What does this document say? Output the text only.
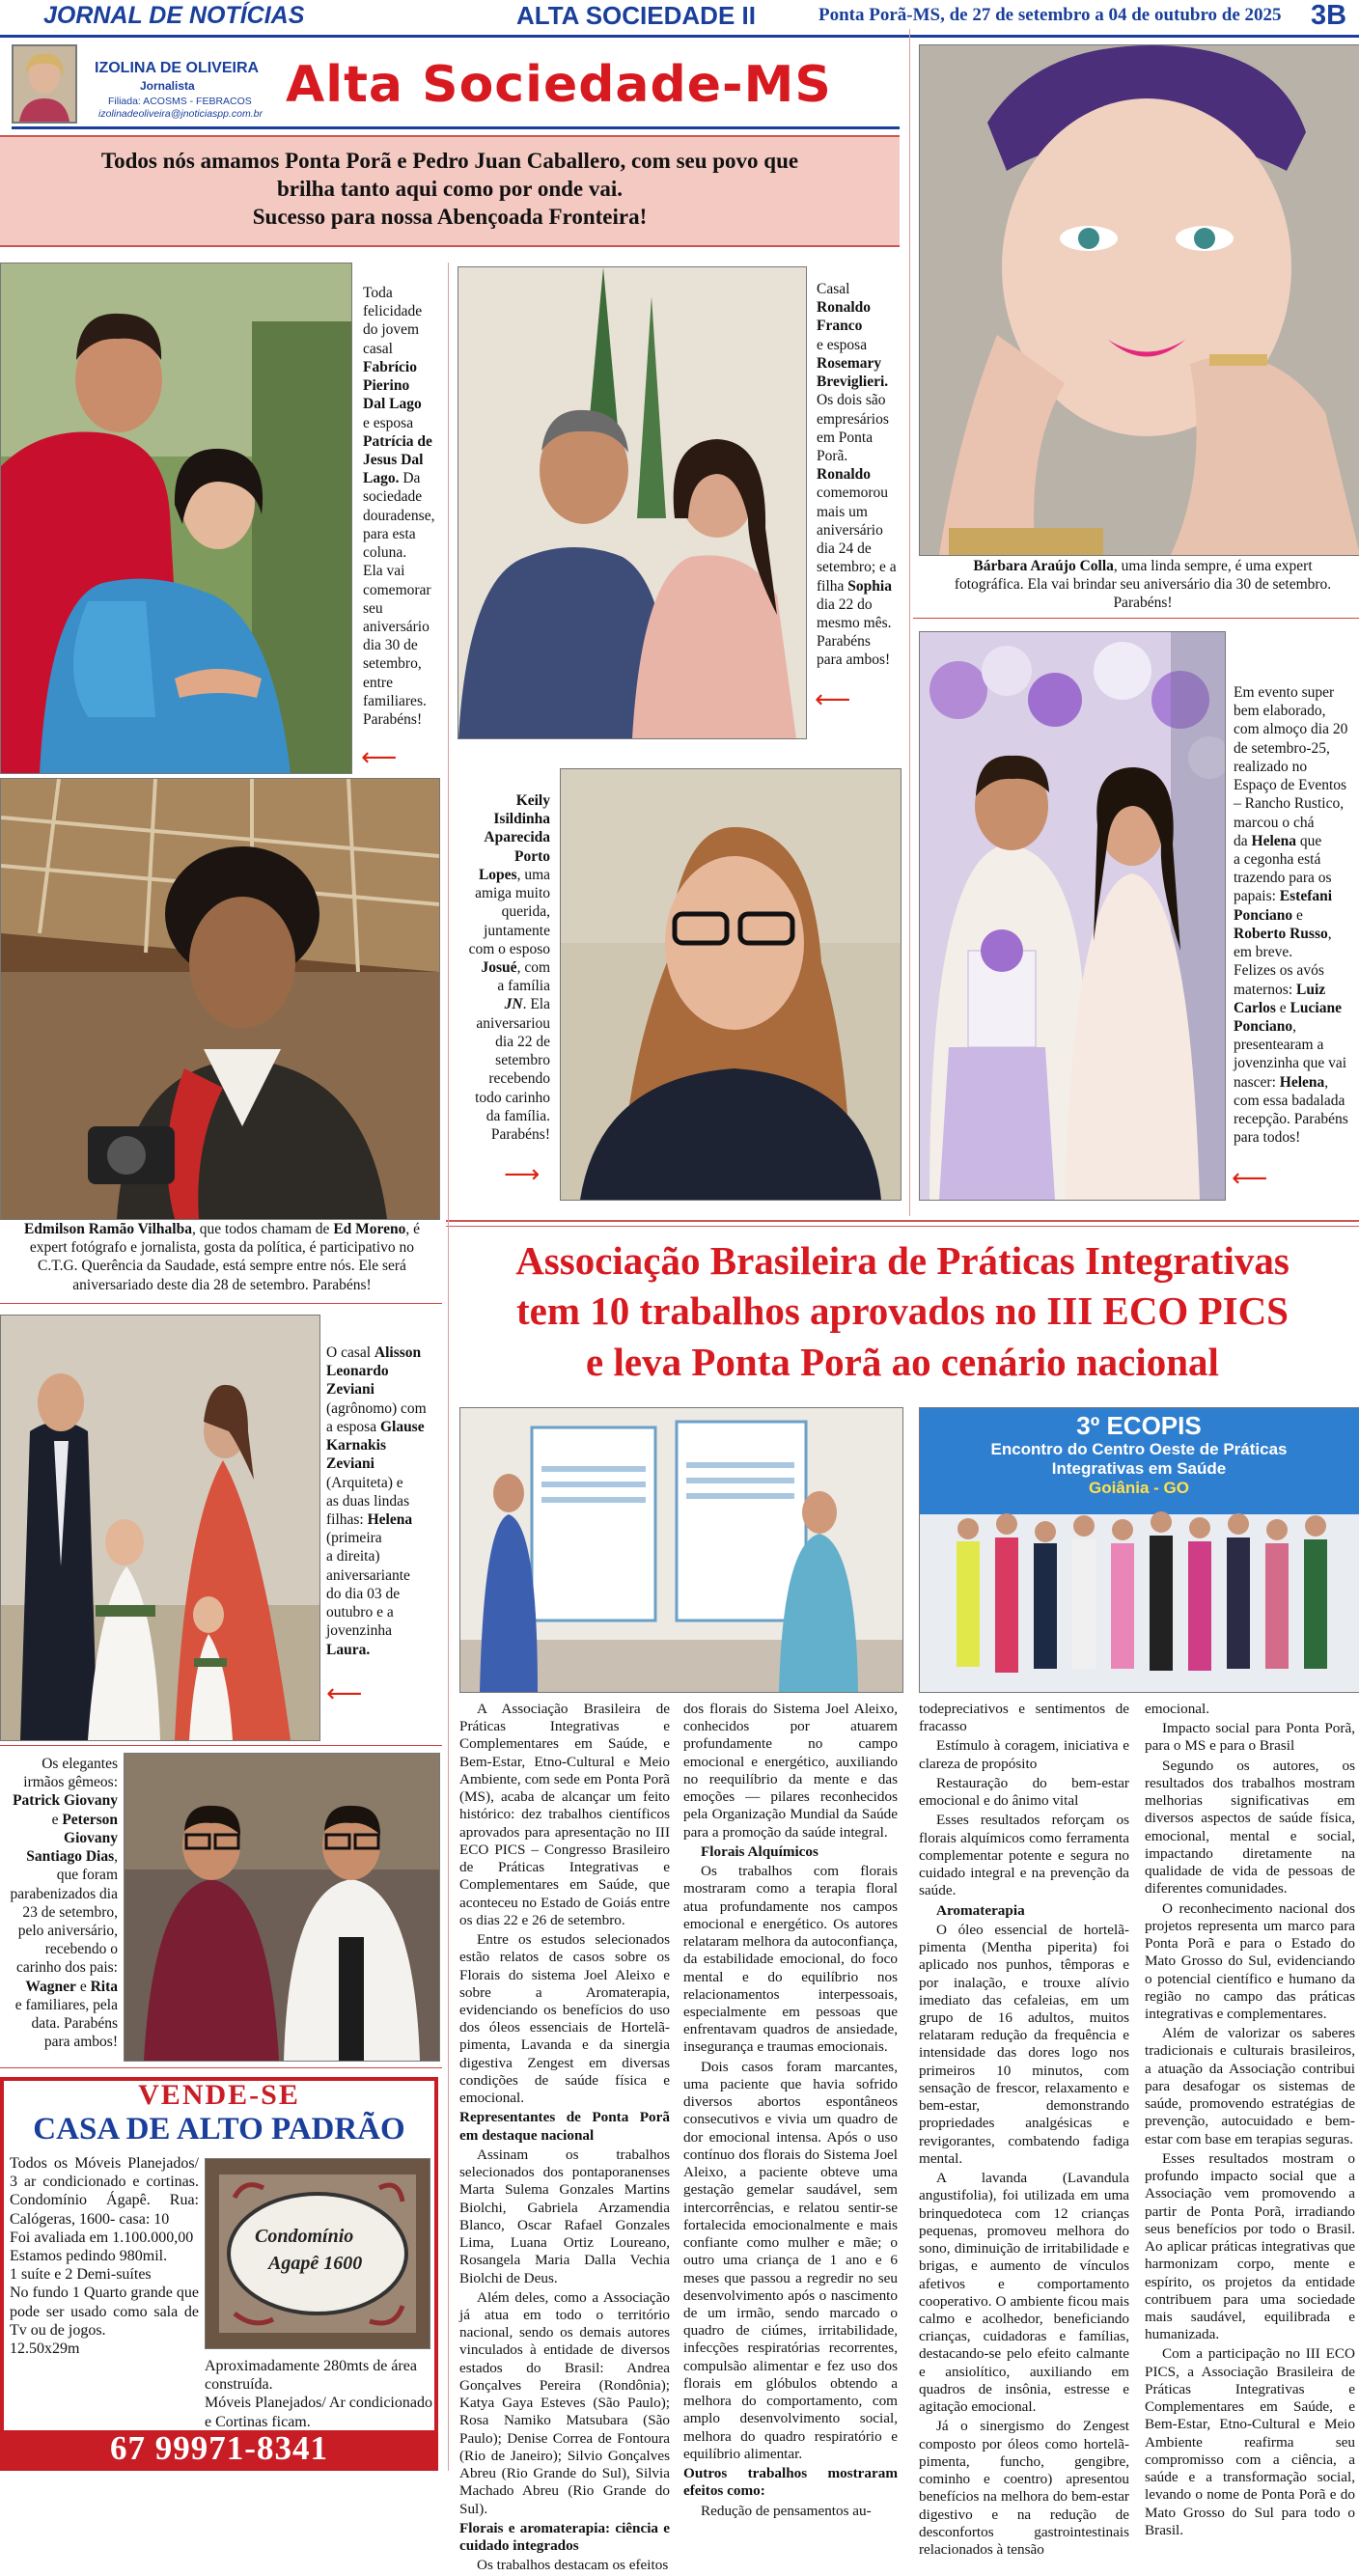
JORNAL DE NOTÍCIAS	ALTA SOCIEDADE II	Ponta Porã-MS, de 27 de setembro a 04 de outubro de 2025 3B
IZOLINA DE OLIVEIRA
Jornalista
Filiada: ACOSMS - FEBRACOS
izolinadeoliveira@jnoticiaspp.com.br Alta Sociedade-MS
Todos nós amamos Ponta Porã e Pedro Juan Caballero, com seu povo que
brilha tanto aqui como por onde vai.
Sucesso para nossa Abençoada Fronteira!
Toda
felicidade
do jovem
casal
Fabrício
Pierino
Dal Lago
e esposa
Patrícia de
Jesus Dal
Lago. Da
sociedade
douradense,
para esta
coluna.
Ela vai
comemorar
seu
aniversário
dia 30 de
setembro,
entre
familiares.
Parabéns!
⟵
Casal
Ronaldo
Franco
e esposa
Rosemary
Breviglieri.
Os dois são
empresários
em Ponta
Porã.
Ronaldo
comemorou
mais um
aniversário
dia 24 de
setembro; e a
filha Sophia
dia 22 do
mesmo mês.
Parabéns
para ambos!
⟵
Bárbara Araújo Colla, uma linda sempre, é uma expert fotográfica. Ela vai brindar seu aniversário dia 30 de setembro. Parabéns!
Em evento super
bem elaborado,
com almoço dia 20
de setembro-25,
realizado no
Espaço de Eventos
– Rancho Rustico,
marcou o chá
da Helena que
a cegonha está
trazendo para os
papais: Estefani
Ponciano e
Roberto Russo,
em breve.
Felizes os avós
maternos: Luiz
Carlos e Luciane
Ponciano, presentearam a
jovenzinha que vai
nascer: Helena,
com essa badalada
recepção. Parabéns
para todos!
⟵
Edmilson Ramão Vilhalba, que todos chamam de Ed Moreno, é expert fotógrafo e jornalista, gosta da política, é participativo no C.T.G. Querência da Saudade, está sempre entre nós. Ele será aniversariado deste dia 28 de setembro. Parabéns!
Keily
Isildinha
Aparecida
Porto
Lopes, uma
amiga muito
querida,
juntamente
com o esposo
Josué, com
a família
JN. Ela
aniversariou
dia 22 de
setembro
recebendo
todo carinho
da família.
Parabéns!
⟶
O casal Alisson
Leonardo
Zeviani
(agrônomo) com
a esposa Glause
Karnakis
Zeviani
(Arquiteta) e
as duas lindas
filhas: Helena
(primeira
a direita)
aniversariante
do dia 03 de
outubro e a
jovenzinha
Laura.
⟵
Os elegantes
irmãos gêmeos:
Patrick Giovany
e Peterson
Giovany
Santiago Dias,
que foram
parabenizados dia
23 de setembro,
pelo aniversário,
recebendo o
carinho dos pais:
Wagner e Rita
e familiares, pela
data. Parabéns
para ambos!
VENDE-SE
CASA DE ALTO PADRÃO
Todos os Móveis Planejados/ 3 ar condicionado e cortinas. Condomínio Ágapê. Rua: Calógeras, 1600- casa: 10
Foi avaliada em 1.100.000,00
Estamos pedindo 980mil.
1 suíte e 2 Demi-suítes
No fundo 1 Quarto grande que pode ser usado como sala de Tv ou de jogos.
12.50x29m
Condomínio
Agapê 1600
Aproximadamente 280mts de área construída.
Móveis Planejados/ Ar condicionado e Cortinas ficam.
67 99971-8341
Associação Brasileira de Práticas Integrativas
tem 10 trabalhos aprovados no III ECO PICS
e leva Ponta Porã ao cenário nacional
3º ECOPIS
Encontro do Centro Oeste de Práticas
Integrativas em Saúde
Goiânia - GO

A Associação Brasileira de Práticas Integrativas e Complementares em Saúde, e Bem-Estar, Etno-Cultural e Meio Ambiente, com sede em Ponta Porã (MS), acaba de alcançar um feito histórico: dez trabalhos científicos aprovados para apresentação no III ECO PICS – Congresso Brasileiro de Práticas Integrativas e Complementares em Saúde, que aconteceu no Estado de Goiás entre os dias 22 e 26 de setembro.

Entre os estudos selecionados estão relatos de casos sobre os Florais do sistema Joel Aleixo e sobre a Aromaterapia, evidenciando os benefícios do uso dos óleos essenciais de Hortelã-pimenta, Lavanda e da sinergia digestiva Zengest em diversas condições de saúde física e emocional.

Representantes de Ponta Porã em destaque nacional

Assinam os trabalhos selecionados dos pontaporanenses Marta Sulema Gonzales Martins Biolchi, Gabriela Arzamendia Blanco, Oscar Rafael Gonzales Lima, Luana Ortiz Loureano, Rosangela Maria Dalla Vechia Biolchi de Deus.

Além deles, como a Associação já atua em todo o território nacional, sendo os demais autores vinculados à entidade de diversos estados do Brasil: Andrea Gonçalves Pereira (Rondônia); Katya Gaya Esteves (São Paulo); Rosa Namiko Matsubara (São Paulo); Denise Correa de Fontoura (Rio de Janeiro); Silvio Gonçalves Abreu (Rio Grande do Sul), Silvia Machado Abreu (Rio Grande do Sul).

Florais e aromaterapia: ciência e cuidado integrados

Os trabalhos destacam os efeitos

dos florais do Sistema Joel Aleixo, conhecidos por atuarem profundamente no campo emocional e energético, auxiliando no reequilíbrio da mente e das emoções — pilares reconhecidos pela Organização Mundial da Saúde para a promoção da saúde integral.

Florais Alquímicos

Os trabalhos com florais mostraram como a terapia floral atua profundamente nos campos emocional e energético. Os autores relataram melhora da autoconfiança, da estabilidade emocional, do foco mental e do equilíbrio nos relacionamentos interpessoais, especialmente em pessoas que enfrentavam quadros de ansiedade, insegurança e traumas emocionais.

Dois casos foram marcantes, uma paciente que havia sofrido diversos abortos espontâneos consecutivos e vivia um quadro de dor emocional intensa. Após o uso contínuo dos florais do Sistema Joel Aleixo, a paciente obteve uma gestação gemelar saudável, sem intercorrências, e relatou sentir-se fortalecida emocionalmente e mais confiante como mulher e mãe; o outro uma criança de 1 ano e 6 meses que passou a regredir no seu desenvolvimento após o nascimento de um irmão, sendo marcado o quadro de ciúmes, irritabilidade, infecções respiratórias recorrentes, compulsão alimentar e fez uso dos florais em glóbulos obtendo a melhora do comportamento, com amplo desenvolvimento social, melhora do quadro respiratório e equilíbrio alimentar.

Outros trabalhos mostraram efeitos como:

Redução de pensamentos au-

todepreciativos e sentimentos de fracasso

Estímulo à coragem, iniciativa e clareza de propósito

Restauração do bem-estar emocional e do ânimo vital

Esses resultados reforçam os florais alquímicos como ferramenta complementar potente e segura no cuidado integral e na prevenção da saúde.

Aromaterapia

O óleo essencial de hortelã-pimenta (Mentha piperita) foi aplicado nos punhos, têmporas e por inalação, e trouxe alívio imediato das cefaleias, em um grupo de 16 adultos, muitos relataram redução da frequência e intensidade das dores logo nos primeiros 10 minutos, com sensação de frescor, relaxamento e bem-estar, demonstrando propriedades analgésicas e revigorantes, combatendo fadiga mental.

A lavanda (Lavandula angustifolia), foi utilizada em uma brinquedoteca com 12 crianças pequenas, promoveu melhora do sono, diminuição de irritabilidade e brigas, e aumento de vínculos afetivos e comportamento cooperativo. O ambiente ficou mais calmo e acolhedor, beneficiando crianças, cuidadoras e famílias, destacando-se pelo efeito calmante e ansiolítico, auxiliando em quadros de insônia, estresse e agitação emocional.

Já o sinergismo do Zengest composto por óleos como hortelã-pimenta, funcho, gengibre, cominho e coentro) apresentou benefícios na melhora do bem-estar digestivo e na redução de desconfortos gastrointestinais relacionados à tensão

emocional.

Impacto social para Ponta Porã, para o MS e para o Brasil

Segundo os autores, os resultados dos trabalhos mostram melhorias significativas em diversos aspectos de saúde física, emocional, mental e social, impactando diretamente na qualidade de vida de pessoas de diferentes comunidades.

O reconhecimento nacional dos projetos representa um marco para Ponta Porã e para o Estado do Mato Grosso do Sul, evidenciando o potencial científico e humano da região no campo das práticas integrativas e complementares.

Além de valorizar os saberes tradicionais e culturais brasileiros, a atuação da Associação contribui para desafogar os sistemas de saúde, promovendo estratégias de prevenção, autocuidado e bem-estar com base em terapias seguras.

Esses resultados mostram o profundo impacto social que a Associação vem promovendo a partir de Ponta Porã, irradiando seus benefícios por todo o Brasil. Ao aplicar práticas integrativas que harmonizam corpo, mente e espírito, os projetos da entidade contribuem para uma sociedade mais saudável, equilibrada e humanizada.

Com a participação no III ECO PICS, a Associação Brasileira de Práticas Integrativas e Complementares em Saúde, e Bem-Estar, Etno-Cultural e Meio Ambiente reafirma seu compromisso com a ciência, a saúde e a transformação social, levando o nome de Ponta Porã e do Mato Grosso do Sul para todo o Brasil.
